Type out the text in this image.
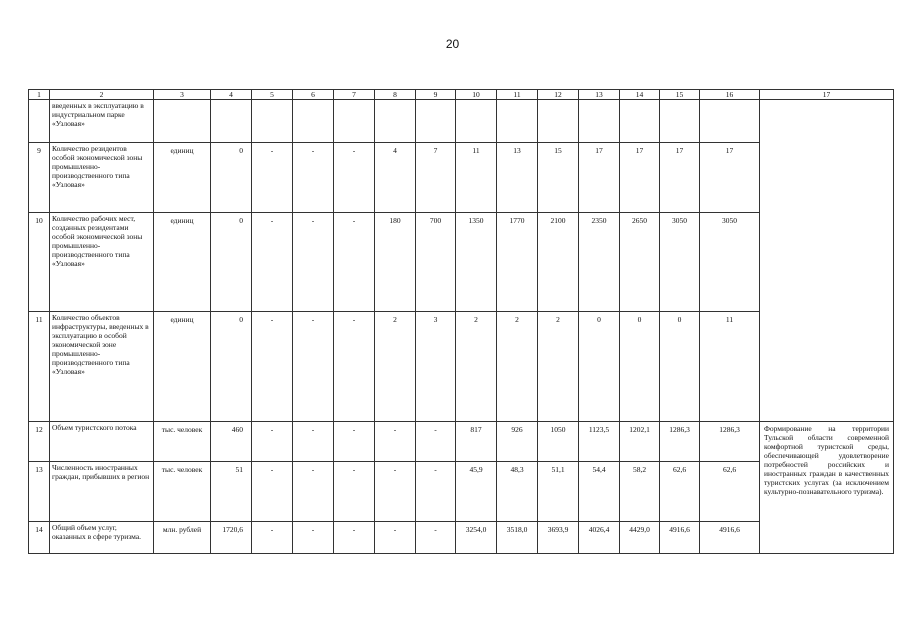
20
1	2	3	4	5	6	7	8	9	10	11	12	13	14	15	16	17
	введенных в эксплуатацию в индустриальном парке «Узловая»															
9	Количество резидентов особой экономической зоны промышленно-производственного типа «Узловая»	единиц	0	-	-	-	4	7	11	13	15	17	17	17	17	
10	Количество рабочих мест, созданных резидентами особой экономической зоны промышленно-производственного типа «Узловая»	единиц	0	-	-	-	180	700	1350	1770	2100	2350	2650	3050	3050	
11	Количество объектов инфраструктуры, введенных в эксплуатацию в особой экономической зоне промышленно-производственного типа «Узловая»	единиц	0	-	-	-	2	3	2	2	2	0	0	0	11	
12	Объем туристского потока	тыс. человек	460	-	-	-	-	-	817	926	1050	1123,5	1202,1	1286,3	1286,3	Формирование на территории Тульской области современной комфортной туристской среды, обеспечивающей удовлетворение потребностей российских и иностранных граждан в качественных туристских услугах (за исключением культурно-познавательного туризма).
13	Численность иностранных граждан, прибывших в регион	тыс. человек	51	-	-	-	-	-	45,9	48,3	51,1	54,4	58,2	62,6	62,6	
14	Общий объем услуг, оказанных в сфере туризма.	млн. рублей	1720,6	-	-	-	-	-	3254,0	3518,0	3693,9	4026,4	4429,0	4916,6	4916,6	
